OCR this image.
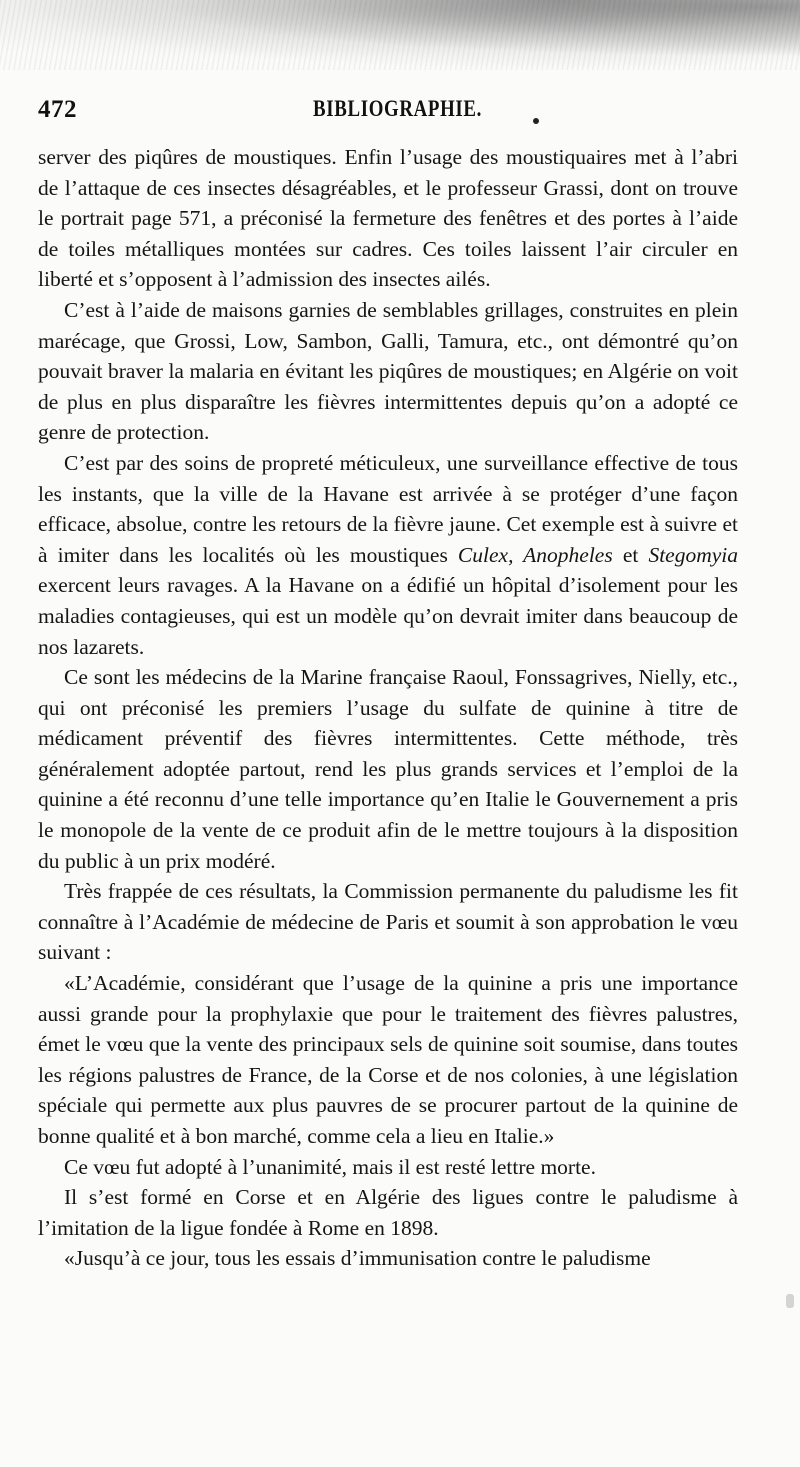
472	BIBLIOGRAPHIE.

server des piqûres de moustiques. Enfin l’usage des moustiquaires met à l’abri de l’attaque de ces insectes désagréables, et le professeur Grassi, dont on trouve le portrait page 571, a préconisé la fermeture des fenêtres et des portes à l’aide de toiles métalliques montées sur cadres. Ces toiles laissent l’air circuler en liberté et s’opposent à l’admission des insectes ailés.

C’est à l’aide de maisons garnies de semblables grillages, construites en plein marécage, que Grossi, Low, Sambon, Galli, Tamura, etc., ont démontré qu’on pouvait braver la malaria en évitant les piqûres de moustiques; en Algérie on voit de plus en plus disparaître les fièvres intermittentes depuis qu’on a adopté ce genre de protection.

C’est par des soins de propreté méticuleux, une surveillance effective de tous les instants, que la ville de la Havane est arrivée à se protéger d’une façon efficace, absolue, contre les retours de la fièvre jaune. Cet exemple est à suivre et à imiter dans les localités où les moustiques Culex, Anopheles et Stegomyia exercent leurs ravages. A la Havane on a édifié un hôpital d’isolement pour les maladies contagieuses, qui est un modèle qu’on devrait imiter dans beaucoup de nos lazarets.

Ce sont les médecins de la Marine française Raoul, Fonssagrives, Nielly, etc., qui ont préconisé les premiers l’usage du sulfate de quinine à titre de médicament préventif des fièvres intermittentes. Cette méthode, très généralement adoptée partout, rend les plus grands services et l’emploi de la quinine a été reconnu d’une telle importance qu’en Italie le Gouvernement a pris le monopole de la vente de ce produit afin de le mettre toujours à la disposition du public à un prix modéré.

Très frappée de ces résultats, la Commission permanente du paludisme les fit connaître à l’Académie de médecine de Paris et soumit à son approbation le vœu suivant :

«L’Académie, considérant que l’usage de la quinine a pris une importance aussi grande pour la prophylaxie que pour le traitement des fièvres palustres, émet le vœu que la vente des principaux sels de quinine soit soumise, dans toutes les régions palustres de France, de la Corse et de nos colonies, à une législation spéciale qui permette aux plus pauvres de se procurer partout de la quinine de bonne qualité et à bon marché, comme cela a lieu en Italie.»

Ce vœu fut adopté à l’unanimité, mais il est resté lettre morte.

Il s’est formé en Corse et en Algérie des ligues contre le paludisme à l’imitation de la ligue fondée à Rome en 1898.

«Jusqu’à ce jour, tous les essais d’immunisation contre le paludisme
